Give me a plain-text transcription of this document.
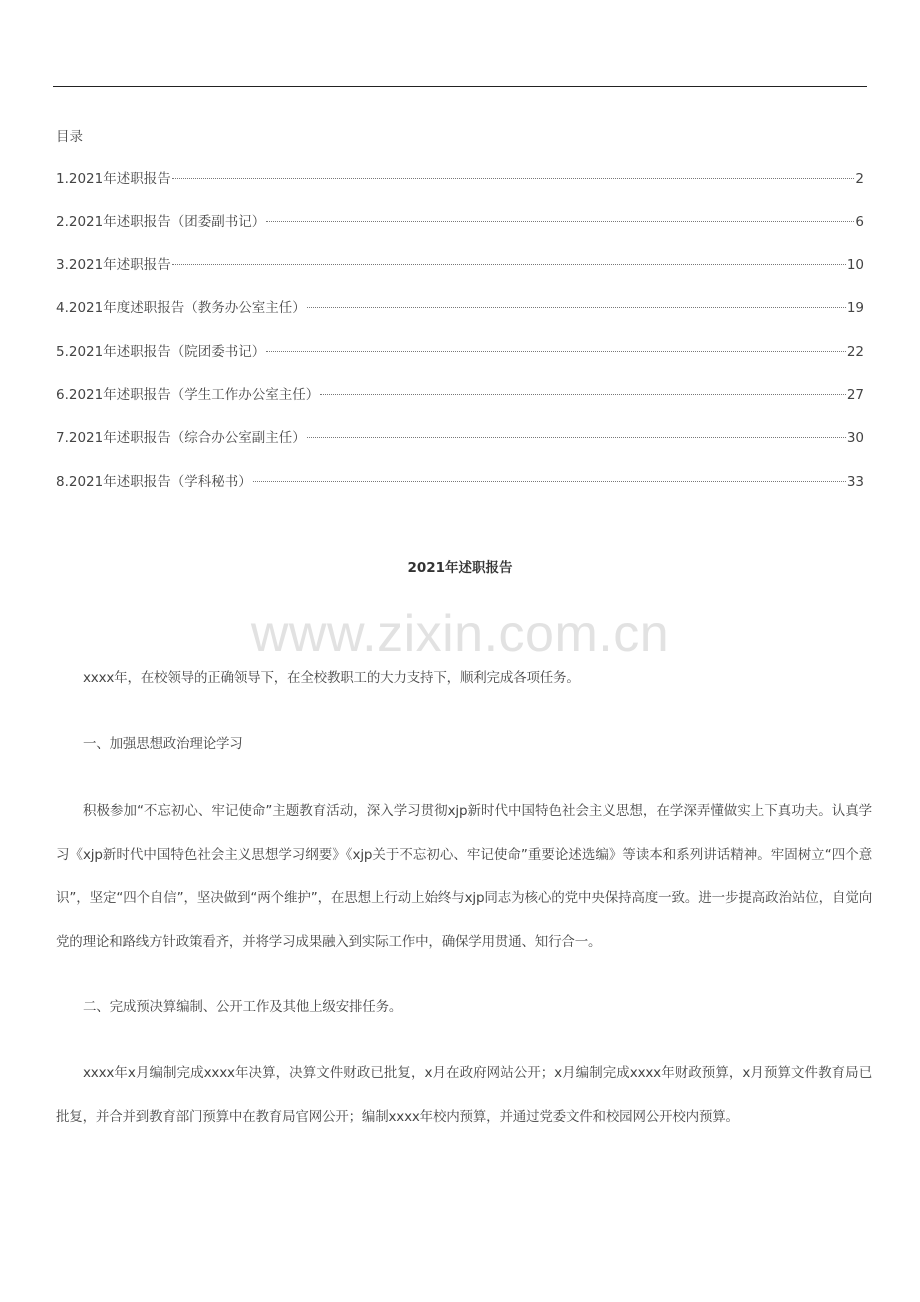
目录
1.2021年述职报告	2
2.2021年述职报告（团委副书记）	6
3.2021年述职报告	10
4.2021年度述职报告（教务办公室主任）	19
5.2021年述职报告（院团委书记）	22
6.2021年述职报告（学生工作办公室主任）	27
7.2021年述职报告（综合办公室副主任）	30
8.2021年述职报告（学科秘书）	33
2021年述职报告
www.zixin.com.cn

xxxx年，在校领导的正确领导下，在全校教职工的大力支持下，顺利完成各项任务。

一、加强思想政治理论学习

积极参加“不忘初心、牢记使命”主题教育活动，深入学习贯彻xjp新时代中国特色社会主义思想，在学深弄懂做实上下真功夫。认真学习《xjp新时代中国特色社会主义思想学习纲要》《xjp关于不忘初心、牢记使命”重要论述选编》等读本和系列讲话精神。牢固树立“四个意识”，坚定“四个自信”，坚决做到“两个维护”，在思想上行动上始终与xjp同志为核心的党中央保持高度一致。进一步提高政治站位，自觉向党的理论和路线方针政策看齐，并将学习成果融入到实际工作中，确保学用贯通、知行合一。

二、完成预决算编制、公开工作及其他上级安排任务。

xxxx年x月编制完成xxxx年决算，决算文件财政已批复，x月在政府网站公开；x月编制完成xxxx年财政预算，x月预算文件教育局已批复，并合并到教育部门预算中在教育局官网公开；编制xxxx年校内预算，并通过党委文件和校园网公开校内预算。
